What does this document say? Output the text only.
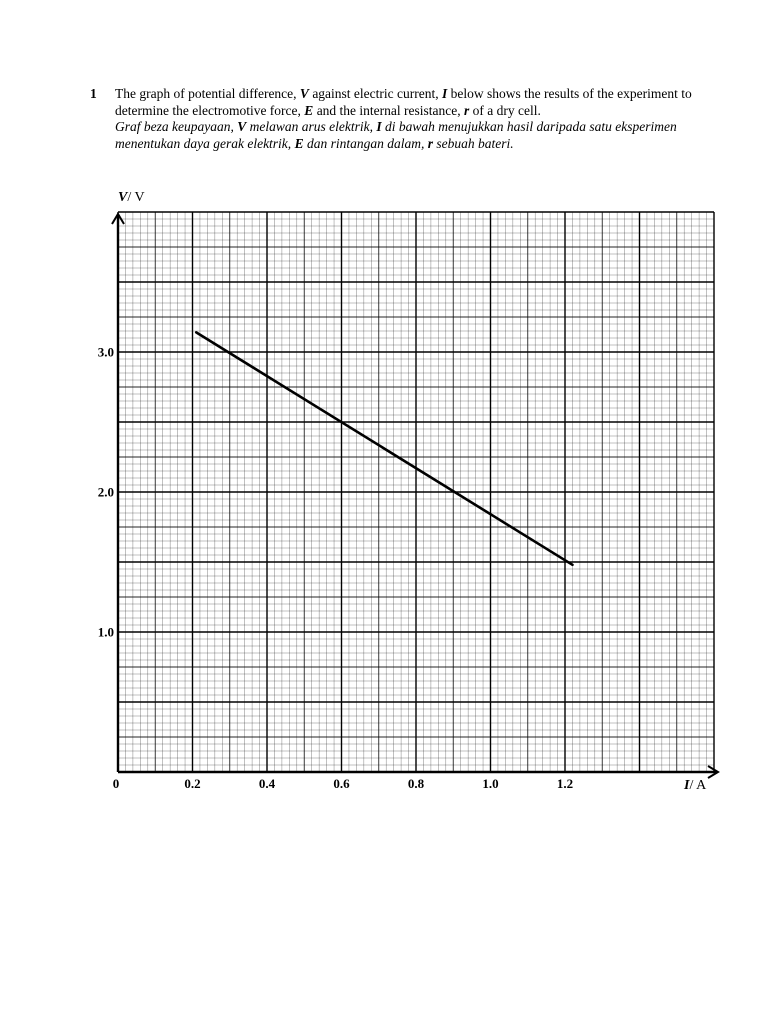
1 The graph of potential difference, V against electric current, I below shows the results of the experiment to determine the electromotive force, E and the internal resistance, r of a dry cell.

Graf beza keupayaan, V melawan arus elektrik, I di bawah menujukkan hasil daripada satu eksperimen menentukan daya gerak elektrik, E dan rintangan dalam, r sebuah bateri.

0.2	0.4	0.6	0.8	1.0	1.2
1.0
2.0
3.0
V/ V
I/ A
0
